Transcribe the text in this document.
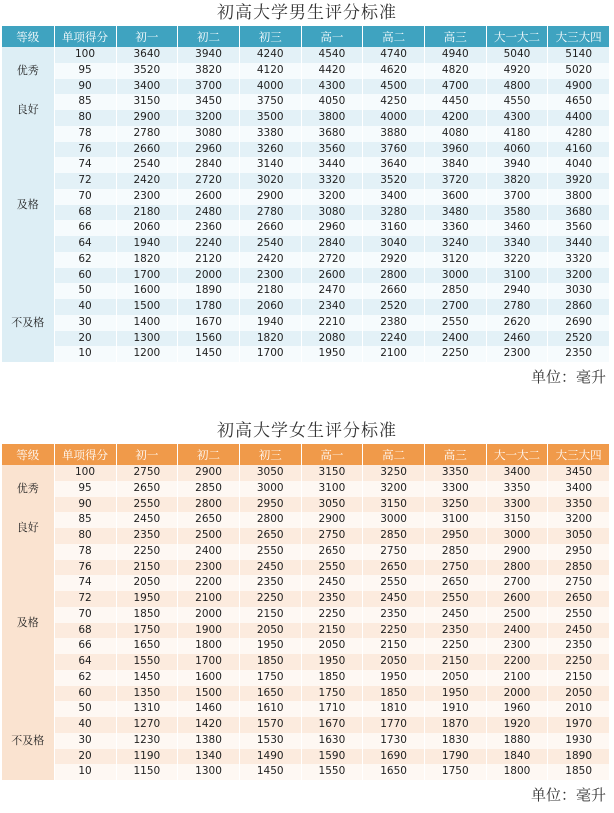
初高大学男生评分标准
等级	单项得分	初一	初二	初三	高一	高二	高三	大一大二	大三大四
优秀	100	3640	3940	4240	4540	4740	4940	5040	5140
	95	3520	3820	4120	4420	4620	4820	4920	5020
	90	3400	3700	4000	4300	4500	4700	4800	4900
良好	85	3150	3450	3750	4050	4250	4450	4550	4650
	80	2900	3200	3500	3800	4000	4200	4300	4400
及格	78	2780	3080	3380	3680	3880	4080	4180	4280
	76	2660	2960	3260	3560	3760	3960	4060	4160
	74	2540	2840	3140	3440	3640	3840	3940	4040
	72	2420	2720	3020	3320	3520	3720	3820	3920
	70	2300	2600	2900	3200	3400	3600	3700	3800
	68	2180	2480	2780	3080	3280	3480	3580	3680
	66	2060	2360	2660	2960	3160	3360	3460	3560
	64	1940	2240	2540	2840	3040	3240	3340	3440
	62	1820	2120	2420	2720	2920	3120	3220	3320
	60	1700	2000	2300	2600	2800	3000	3100	3200
不及格	50	1600	1890	2180	2470	2660	2850	2940	3030
	40	1500	1780	2060	2340	2520	2700	2780	2860
	30	1400	1670	1940	2210	2380	2550	2620	2690
	20	1300	1560	1820	2080	2240	2400	2460	2520
	10	1200	1450	1700	1950	2100	2250	2300	2350
单位：毫升
初高大学女生评分标准
等级	单项得分	初一	初二	初三	高一	高二	高三	大一大二	大三大四
优秀	100	2750	2900	3050	3150	3250	3350	3400	3450
	95	2650	2850	3000	3100	3200	3300	3350	3400
	90	2550	2800	2950	3050	3150	3250	3300	3350
良好	85	2450	2650	2800	2900	3000	3100	3150	3200
	80	2350	2500	2650	2750	2850	2950	3000	3050
及格	78	2250	2400	2550	2650	2750	2850	2900	2950
	76	2150	2300	2450	2550	2650	2750	2800	2850
	74	2050	2200	2350	2450	2550	2650	2700	2750
	72	1950	2100	2250	2350	2450	2550	2600	2650
	70	1850	2000	2150	2250	2350	2450	2500	2550
	68	1750	1900	2050	2150	2250	2350	2400	2450
	66	1650	1800	1950	2050	2150	2250	2300	2350
	64	1550	1700	1850	1950	2050	2150	2200	2250
	62	1450	1600	1750	1850	1950	2050	2100	2150
	60	1350	1500	1650	1750	1850	1950	2000	2050
不及格	50	1310	1460	1610	1710	1810	1910	1960	2010
	40	1270	1420	1570	1670	1770	1870	1920	1970
	30	1230	1380	1530	1630	1730	1830	1880	1930
	20	1190	1340	1490	1590	1690	1790	1840	1890
	10	1150	1300	1450	1550	1650	1750	1800	1850
单位：毫升
